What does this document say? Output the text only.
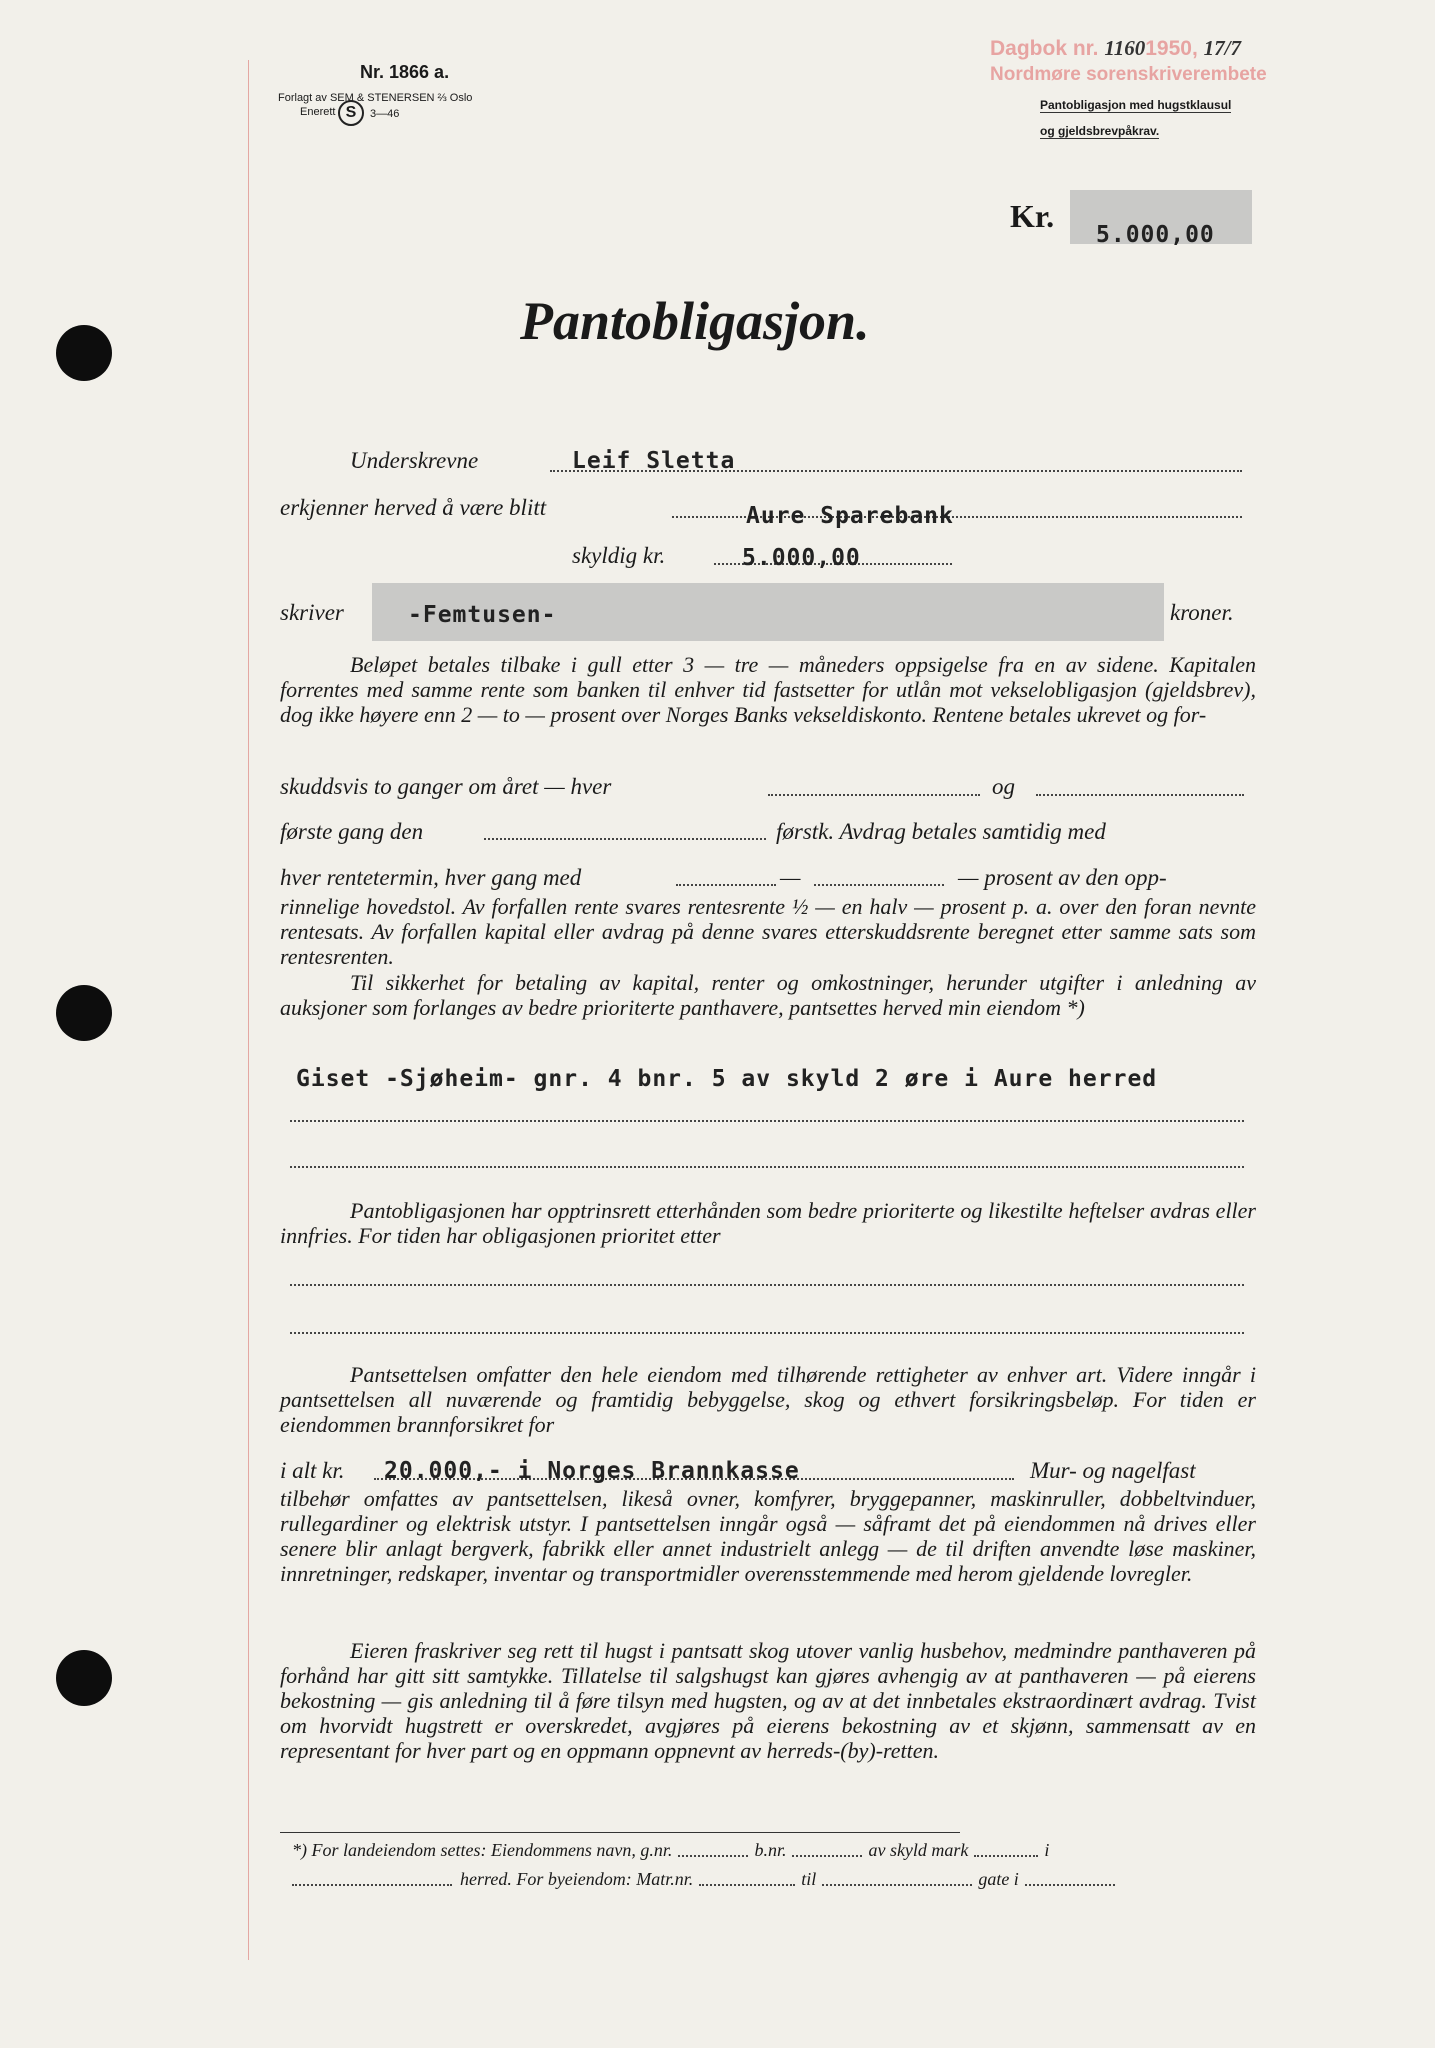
Nr. 1866 a.
Forlagt av SEM & STENERSEN ⅔ Oslo
Enerett S	3—46
Dagbok nr. 11601950, 17/7
Nordmøre sorenskriverembete
Pantobligasjon med hugstklausul
og gjeldsbrevpåkrav.
Kr.
5.000,00
Pantobligasjon.
Underskrevne	Leif Sletta
erkjenner herved å være blitt	Aure Sparebank
skyldig kr.	5.000,00
skriver	-Femtusen-	kroner.

Beløpet betales tilbake i gull etter 3 — tre — måneders oppsigelse fra en av sidene. Kapitalen forrentes med samme rente som banken til enhver tid fastsetter for utlån mot vekselobligasjon (gjeldsbrev), dog ikke høyere enn 2 — to — prosent over Norges Banks vekseldiskonto. Rentene betales ukrevet og for-

skuddsvis to ganger om året — hver	og
første gang den	førstk. Avdrag betales samtidig med
hver rentetermin, hver gang med	—	— prosent av den opp-

rinnelige hovedstol. Av forfallen rente svares rentesrente ½ — en halv — prosent p. a. over den foran nevnte rentesats. Av forfallen kapital eller avdrag på denne svares etterskuddsrente beregnet etter samme sats som rentesrenten.

Til sikkerhet for betaling av kapital, renter og omkostninger, herunder utgifter i anledning av auksjoner som forlanges av bedre prioriterte panthavere, pantsettes herved min eiendom *)

Giset -Sjøheim- gnr. 4 bnr. 5 av skyld 2 øre i Aure herred

Pantobligasjonen har opptrinsrett etterhånden som bedre prioriterte og likestilte heftelser avdras eller innfries. For tiden har obligasjonen prioritet etter

Pantsettelsen omfatter den hele eiendom med tilhørende rettigheter av enhver art. Videre inngår i pantsettelsen all nuværende og framtidig bebyggelse, skog og ethvert forsikringsbeløp. For tiden er eiendommen brannforsikret for

i alt kr. 20.000,- i Norges Brannkasse	Mur- og nagelfast

tilbehør omfattes av pantsettelsen, likeså ovner, komfyrer, bryggepanner, maskinruller, dobbeltvinduer, rullegardiner og elektrisk utstyr. I pantsettelsen inngår også — såframt det på eiendommen nå drives eller senere blir anlagt bergverk, fabrikk eller annet industrielt anlegg — de til driften anvendte løse maskiner, innretninger, redskaper, inventar og transportmidler overensstemmende med herom gjeldende lovregler.

Eieren fraskriver seg rett til hugst i pantsatt skog utover vanlig husbehov, medmindre panthaveren på forhånd har gitt sitt samtykke. Tillatelse til salgshugst kan gjøres avhengig av at panthaveren — på eierens bekostning — gis anledning til å føre tilsyn med hugsten, og av at det innbetales ekstraordinært avdrag. Tvist om hvorvidt hugstrett er overskredet, avgjøres på eierens bekostning av et skjønn, sammensatt av en representant for hver part og en oppmann oppnevnt av herreds-(by)-retten.

*) For landeiendom settes: Eiendommens navn, g.nr.	b.nr.	av skyld mark	i
herred. For byeiendom: Matr.nr.	til	gate i
